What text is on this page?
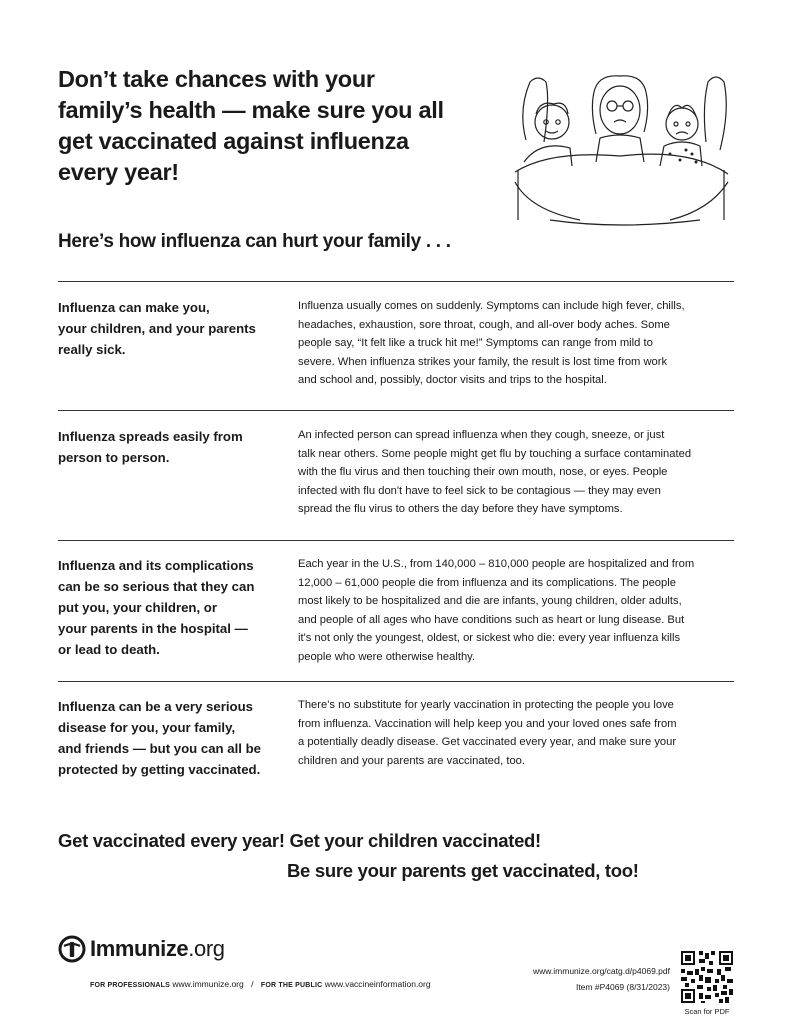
Don’t take chances with your
family’s health — make sure you all
get vaccinated against influenza
every year!
Here’s how influenza can hurt your family . . .
Influenza can make you,
your children, and your parents
really sick.
Influenza usually comes on suddenly. Symptoms can include high fever, chills,
headaches, exhaustion, sore throat, cough, and all-over body aches. Some
people say, “It felt like a truck hit me!” Symptoms can range from mild to
severe. When influenza strikes your family, the result is lost time from work
and school and, possibly, doctor visits and trips to the hospital.
Influenza spreads easily from
person to person.
An infected person can spread influenza when they cough, sneeze, or just
talk near others. Some people might get flu by touching a surface contaminated
with the flu virus and then touching their own mouth, nose, or eyes. People
infected with flu don't have to feel sick to be contagious — they may even
spread the flu virus to others the day before they have symptoms.
Influenza and its complications
can be so serious that they can
put you, your children, or
your parents in the hospital —
or lead to death.
Each year in the U.S., from 140,000 – 810,000 people are hospitalized and from
12,000 – 61,000 people die from influenza and its complications. The people
most likely to be hospitalized and die are infants, young children, older adults,
and people of all ages who have conditions such as heart or lung disease. But
it's not only the youngest, oldest, or sickest who die: every year influenza kills
people who were otherwise healthy.
Influenza can be a very serious
disease for you, your family,
and friends — but you can all be
protected by getting vaccinated.
There's no substitute for yearly vaccination in protecting the people you love
from influenza. Vaccination will help keep you and your loved ones safe from
a potentially deadly disease. Get vaccinated every year, and make sure your
children and your parents are vaccinated, too.

Get vaccinated every year! Get your children vaccinated!

Be sure your parents get vaccinated, too!

Immunize.org
FOR PROFESSIONALS www.immunize.org / FOR THE PUBLIC www.vaccineinformation.org
www.immunize.org/catg.d/p4069.pdf
Item #P4069 (8/31/2023)
Scan for PDF
